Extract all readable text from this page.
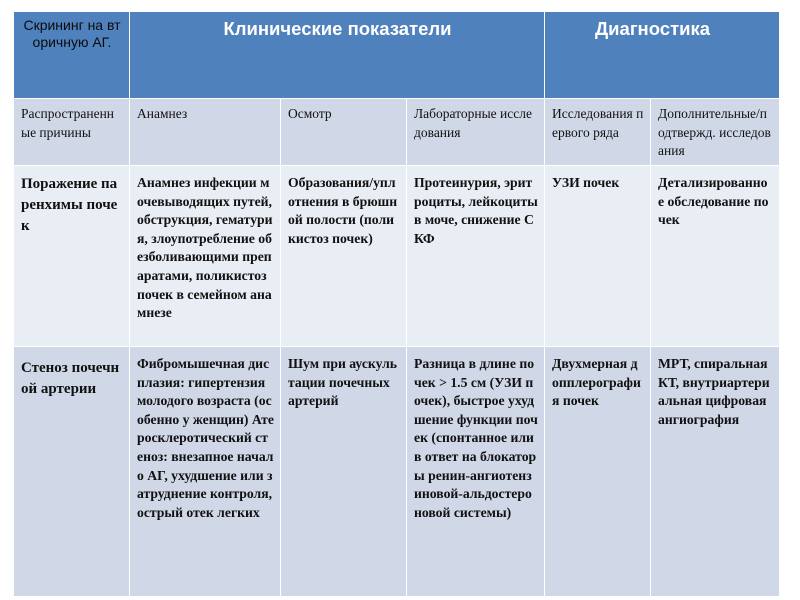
Скрининг на вторичную АГ.	Клинические показатели			Диагностика	
Распространенные причины	Анамнез	Осмотр	Лабораторные исследования	Исследования первого ряда	Дополнительные/подтвержд. исследования
Поражение паренхимы почек	Анамнез инфекции мочевыводящих путей, обструкция, гематурия, злоупотребление обезболивающими препаратами, поликистоз почек в семейном анамнезе	Образования/уплотнения в брюшной полости (поликистоз почек)	Протеинурия, эритроциты, лейкоциты в моче, снижение СКФ	УЗИ почек	Детализированное обследование почек
Стеноз почечной артерии	Фибромышечная дисплазия: гипертензия молодого возраста (особенно у женщин) Атеросклеротический стеноз: внезапное начало АГ, ухудшение или затруднение контроля, острый отек легких	Шум при аускультации почечных артерий	Разница в длине почек > 1.5 см (УЗИ почек), быстрое ухудшение функции почек (спонтанное или в ответ на блокаторы ренин-ангиотензиновой-альдостероновой системы)	Двухмерная допплерография почек	МРТ, спиральная КТ, внутриартериальная цифровая ангиография
